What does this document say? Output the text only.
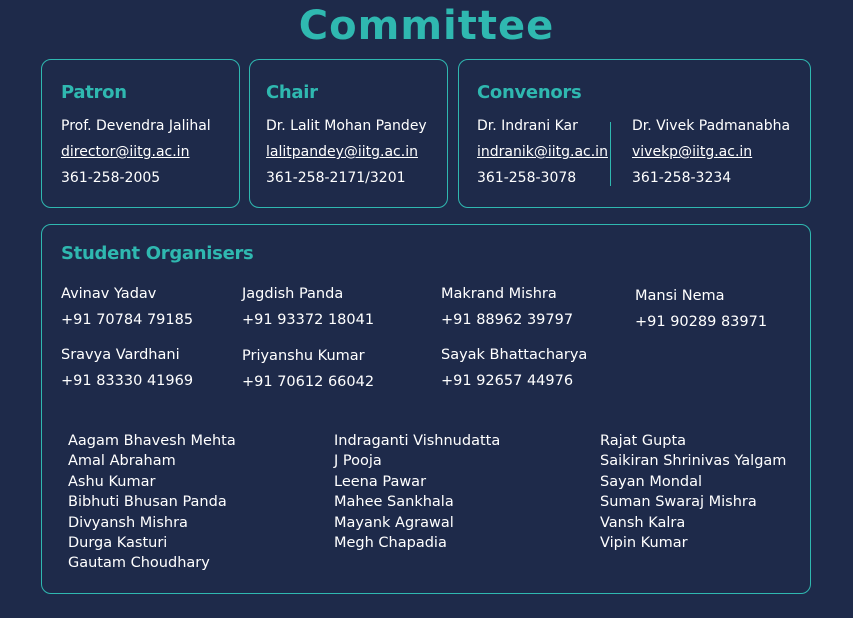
Committee
Patron
Prof. Devendra Jalihal
director@iitg.ac.in
361-258-2005
Chair
Dr. Lalit Mohan Pandey
lalitpandey@iitg.ac.in
361-258-2171/3201
Convenors
Dr. Indrani Kar
indranik@iitg.ac.in
361-258-3078
Dr. Vivek Padmanabha
vivekp@iitg.ac.in
361-258-3234
Student Organisers
Avinav Yadav
+91 70784 79185
Jagdish Panda
+91 93372 18041
Makrand Mishra
+91 88962 39797
Mansi Nema
+91 90289 83971
Sravya Vardhani
+91 83330 41969
Priyanshu Kumar
+91 70612 66042
Sayak Bhattacharya
+91 92657 44976
Aagam Bhavesh Mehta
Amal Abraham
Ashu Kumar
Bibhuti Bhusan Panda
Divyansh Mishra
Durga Kasturi
Gautam Choudhary
Indraganti Vishnudatta
J Pooja
Leena Pawar
Mahee Sankhala
Mayank Agrawal
Megh Chapadia
Rajat Gupta
Saikiran Shrinivas Yalgam
Sayan Mondal
Suman Swaraj Mishra
Vansh Kalra
Vipin Kumar
